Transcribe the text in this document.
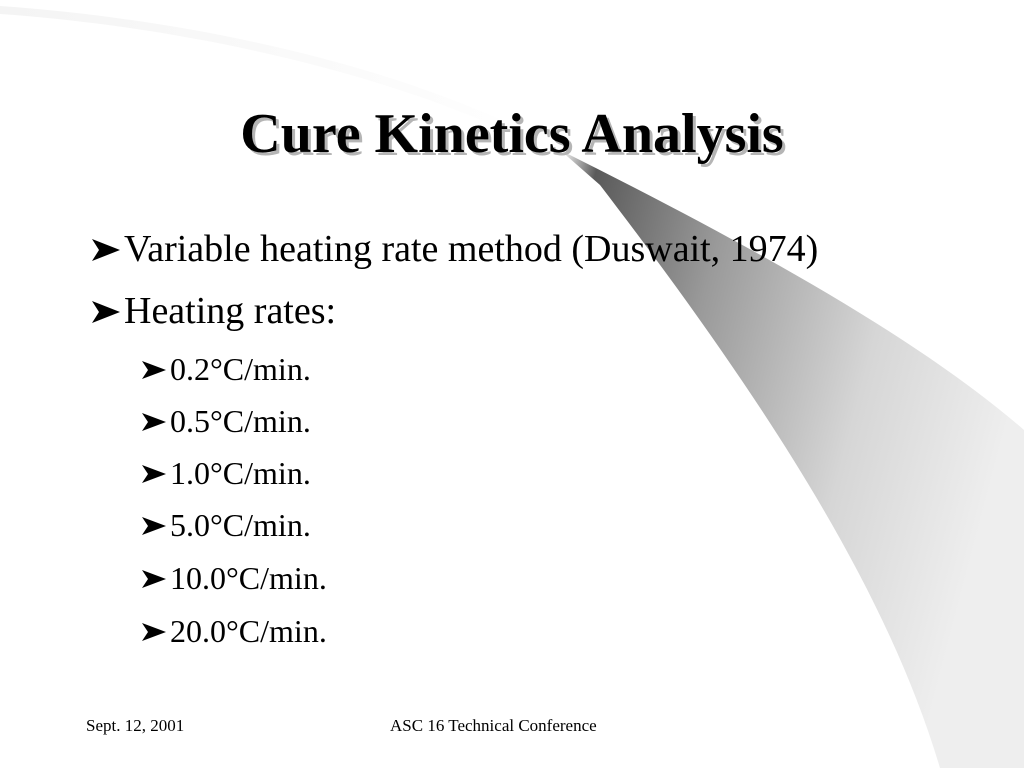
Cure Kinetics Analysis
Variable heating rate method (Duswait, 1974)
Heating rates:
0.2°C/min.
0.5°C/min.
1.0°C/min.
5.0°C/min.
10.0°C/min.
20.0°C/min.
Sept. 12, 2001	ASC 16 Technical Conference
